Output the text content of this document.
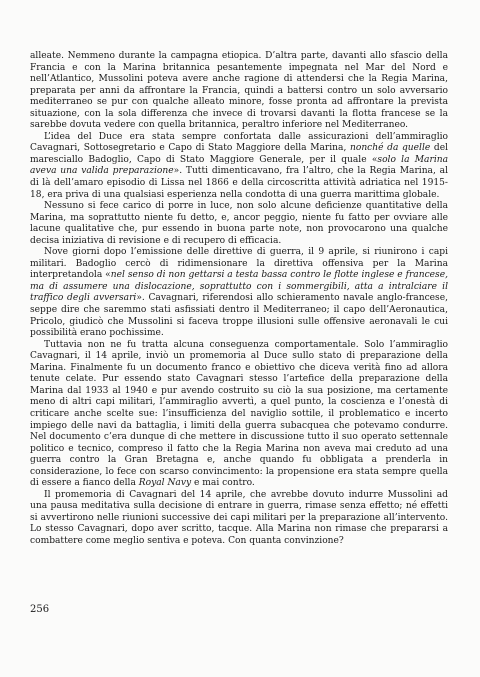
alleate. Nemmeno durante la campagna etiopica. D’altra parte, davanti allo sfascio della Francia e con la Marina britannica pesantemente impegnata nel Mar del Nord e nell’Atlantico, Mussolini poteva avere anche ragione di attendersi che la Regia Marina, preparata per anni da affrontare la Francia, quindi a battersi contro un solo avversario mediterraneo se pur con qualche alleato minore, fosse pronta ad affrontare la prevista situazione, con la sola differenza che invece di trovarsi davanti la flotta francese se la sarebbe dovuta vedere con quella britannica, peraltro inferiore nel Mediterraneo.

L’idea del Duce era stata sempre confortata dalle assicurazioni dell’ammiraglio Cavagnari, Sottosegretario e Capo di Stato Maggiore della Marina, nonché da quelle del maresciallo Badoglio, Capo di Stato Maggiore Generale, per il quale «solo la Marina aveva una valida preparazione». Tutti dimenticavano, fra l’altro, che la Regia Marina, al di là dell’amaro episodio di Lissa nel 1866 e della circoscritta attività adriatica nel 1915-18, era priva di una qualsiasi esperienza nella condotta di una guerra marittima globale.

Nessuno si fece carico di porre in luce, non solo alcune deficienze quantitative della Marina, ma soprattutto niente fu detto, e, ancor peggio, niente fu fatto per ovviare alle lacune qualitative che, pur essendo in buona parte note, non provocarono una qualche decisa iniziativa di revisione e di recupero di efficacia.

Nove giorni dopo l’emissione delle direttive di guerra, il 9 aprile, si riunirono i capi militari. Badoglio cercò di ridimensionare la direttiva offensiva per la Marina interpretandola «nel senso di non gettarsi a testa bassa contro le flotte inglese e francese, ma di assumere una dislocazione, soprattutto con i sommergibili, atta a intralciare il traffico degli avversari». Cavagnari, riferendosi allo schieramento navale anglo-francese, seppe dire che saremmo stati asfissiati dentro il Mediterraneo; il capo dell’Aeronautica, Pricolo, giudicò che Mussolini si faceva troppe illusioni sulle offensive aeronavali le cui possibilità erano pochissime.

Tuttavia non ne fu tratta alcuna conseguenza comportamentale. Solo l’ammiraglio Cavagnari, il 14 aprile, inviò un promemoria al Duce sullo stato di preparazione della Marina. Finalmente fu un documento franco e obiettivo che diceva verità fino ad allora tenute celate. Pur essendo stato Cavagnari stesso l’artefice della preparazione della Marina dal 1933 al 1940 e pur avendo costruito su ciò la sua posizione, ma certamente meno di altri capi militari, l’ammiraglio avvertì, a quel punto, la coscienza e l’onestà di criticare anche scelte sue: l’insufficienza del naviglio sottile, il problematico e incerto impiego delle navi da battaglia, i limiti della guerra subacquea che potevamo condurre. Nel documento c’era dunque di che mettere in discussione tutto il suo operato settennale politico e tecnico, compreso il fatto che la Regia Marina non aveva mai creduto ad una guerra contro la Gran Bretagna e, anche quando fu obbligata a prenderla in considerazione, lo fece con scarso convincimento: la propensione era stata sempre quella di essere a fianco della Royal Navy e mai contro.

Il promemoria di Cavagnari del 14 aprile, che avrebbe dovuto indurre Mussolini ad una pausa meditativa sulla decisione di entrare in guerra, rimase senza effetto; né effetti si avvertirono nelle riunioni successive dei capi militari per la preparazione all’intervento. Lo stesso Cavagnari, dopo aver scritto, tacque. Alla Marina non rimase che prepararsi a combattere come meglio sentiva e poteva. Con quanta convinzione?

256
